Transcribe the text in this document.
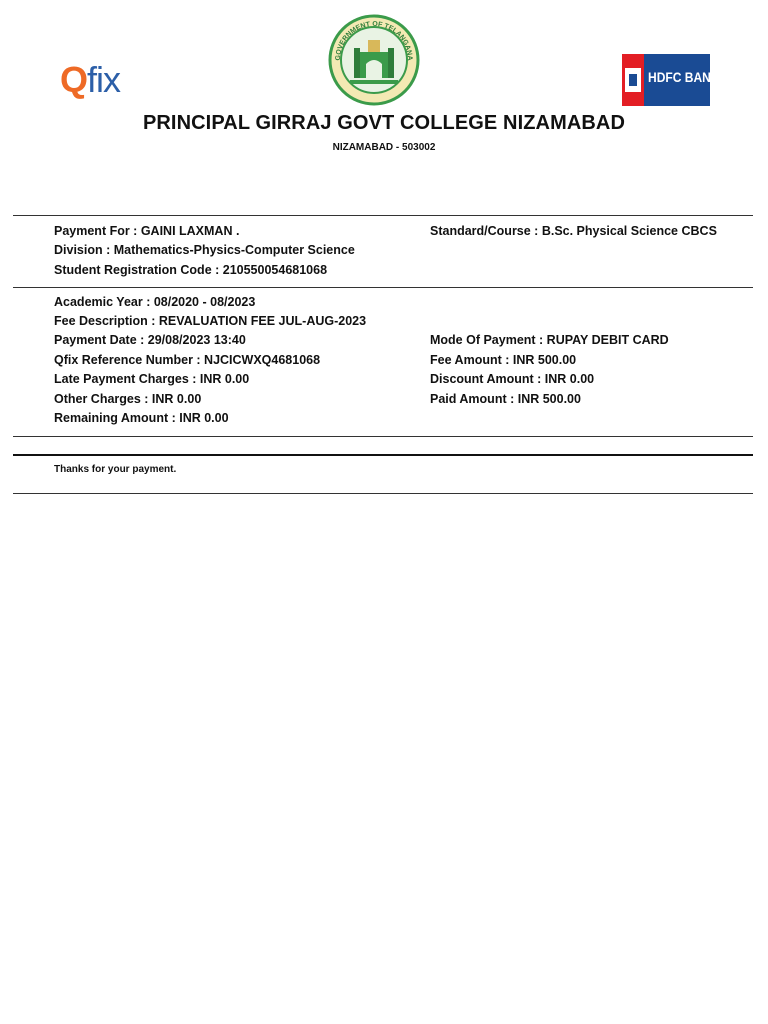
Qfix
GOVERNMENT OF TELANGANA
HDFC BANK
PRINCIPAL GIRRAJ GOVT COLLEGE NIZAMABAD
NIZAMABAD - 503002
Payment For : GAINI LAXMAN .	Standard/Course : B.Sc. Physical Science CBCS
Division : Mathematics-Physics-Computer Science
Student Registration Code : 210550054681068
Academic Year : 08/2020 - 08/2023
Fee Description : REVALUATION FEE JUL-AUG-2023
Payment Date : 29/08/2023 13:40	Mode Of Payment : RUPAY DEBIT CARD
Qfix Reference Number : NJCICWXQ4681068	Fee Amount : INR 500.00
Late Payment Charges : INR 0.00	Discount Amount : INR 0.00
Other Charges : INR 0.00	Paid Amount : INR 500.00
Remaining Amount : INR 0.00
Thanks for your payment.
